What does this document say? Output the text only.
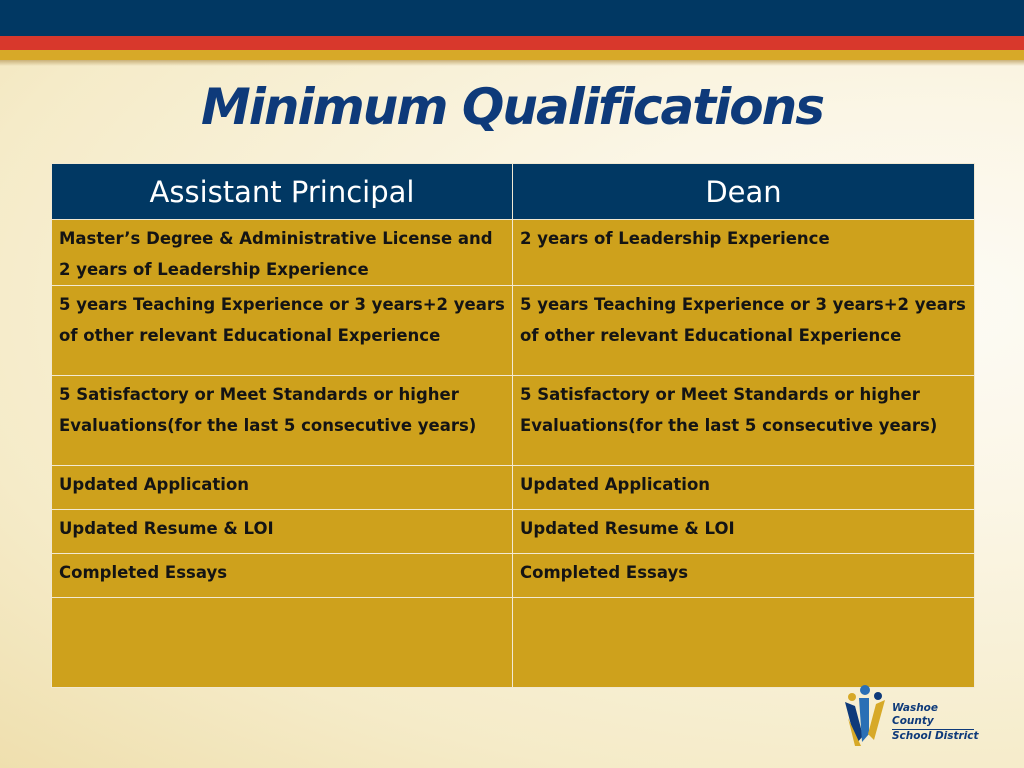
Minimum Qualifications
Assistant Principal	Dean
Master’s Degree & Administrative License and 2 years of Leadership Experience	2 years of Leadership Experience
5 years Teaching Experience or 3 years+2 years of other relevant Educational Experience	5 years Teaching Experience or 3 years+2 years of other relevant Educational Experience
5 Satisfactory or Meet Standards or higher Evaluations(for the last 5 consecutive years)	5 Satisfactory or Meet Standards or higher Evaluations(for the last 5 consecutive years)
Updated Application	Updated Application
Updated Resume & LOI	Updated Resume & LOI
Completed Essays	Completed Essays

Washoe County
School District
